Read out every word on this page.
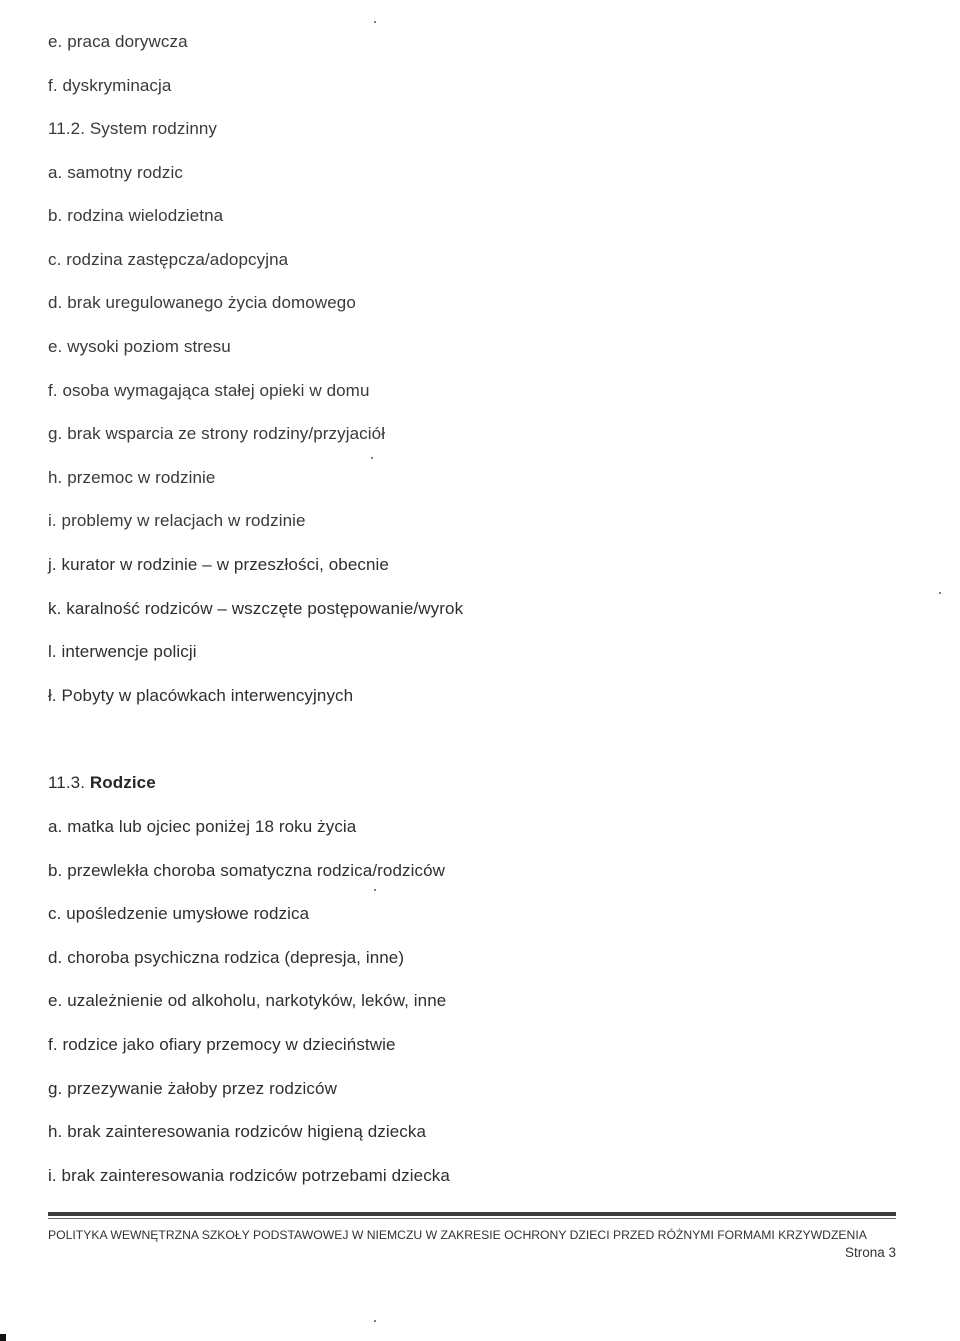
e. praca dorywcza
f. dyskryminacja
11.2. System rodzinny
a. samotny rodzic
b. rodzina wielodzietna
c. rodzina zastępcza/adopcyjna
d. brak uregulowanego życia domowego
e. wysoki poziom stresu
f. osoba wymagająca stałej opieki w domu
g. brak wsparcia ze strony rodziny/przyjaciół
h. przemoc w rodzinie
i. problemy w relacjach w rodzinie
j. kurator w rodzinie – w przeszłości, obecnie
k. karalność rodziców – wszczęte postępowanie/wyrok
l. interwencje policji
ł. Pobyty w placówkach interwencyjnych
11.3. Rodzice
a. matka lub ojciec poniżej 18 roku życia
b. przewlekła choroba somatyczna rodzica/rodziców
c. upośledzenie umysłowe rodzica
d. choroba psychiczna rodzica (depresja, inne)
e. uzależnienie od alkoholu, narkotyków, leków, inne
f. rodzice jako ofiary przemocy w dzieciństwie
g. przezywanie żałoby przez rodziców
h. brak zainteresowania rodziców higieną dziecka
i. brak zainteresowania rodziców potrzebami dziecka
POLITYKA WEWNĘTRZNA SZKOŁY PODSTAWOWEJ W NIEMCZU W ZAKRESIE OCHRONY DZIECI PRZED RÓŻNYMI FORMAMI KRZYWDZENIA
Strona 3
